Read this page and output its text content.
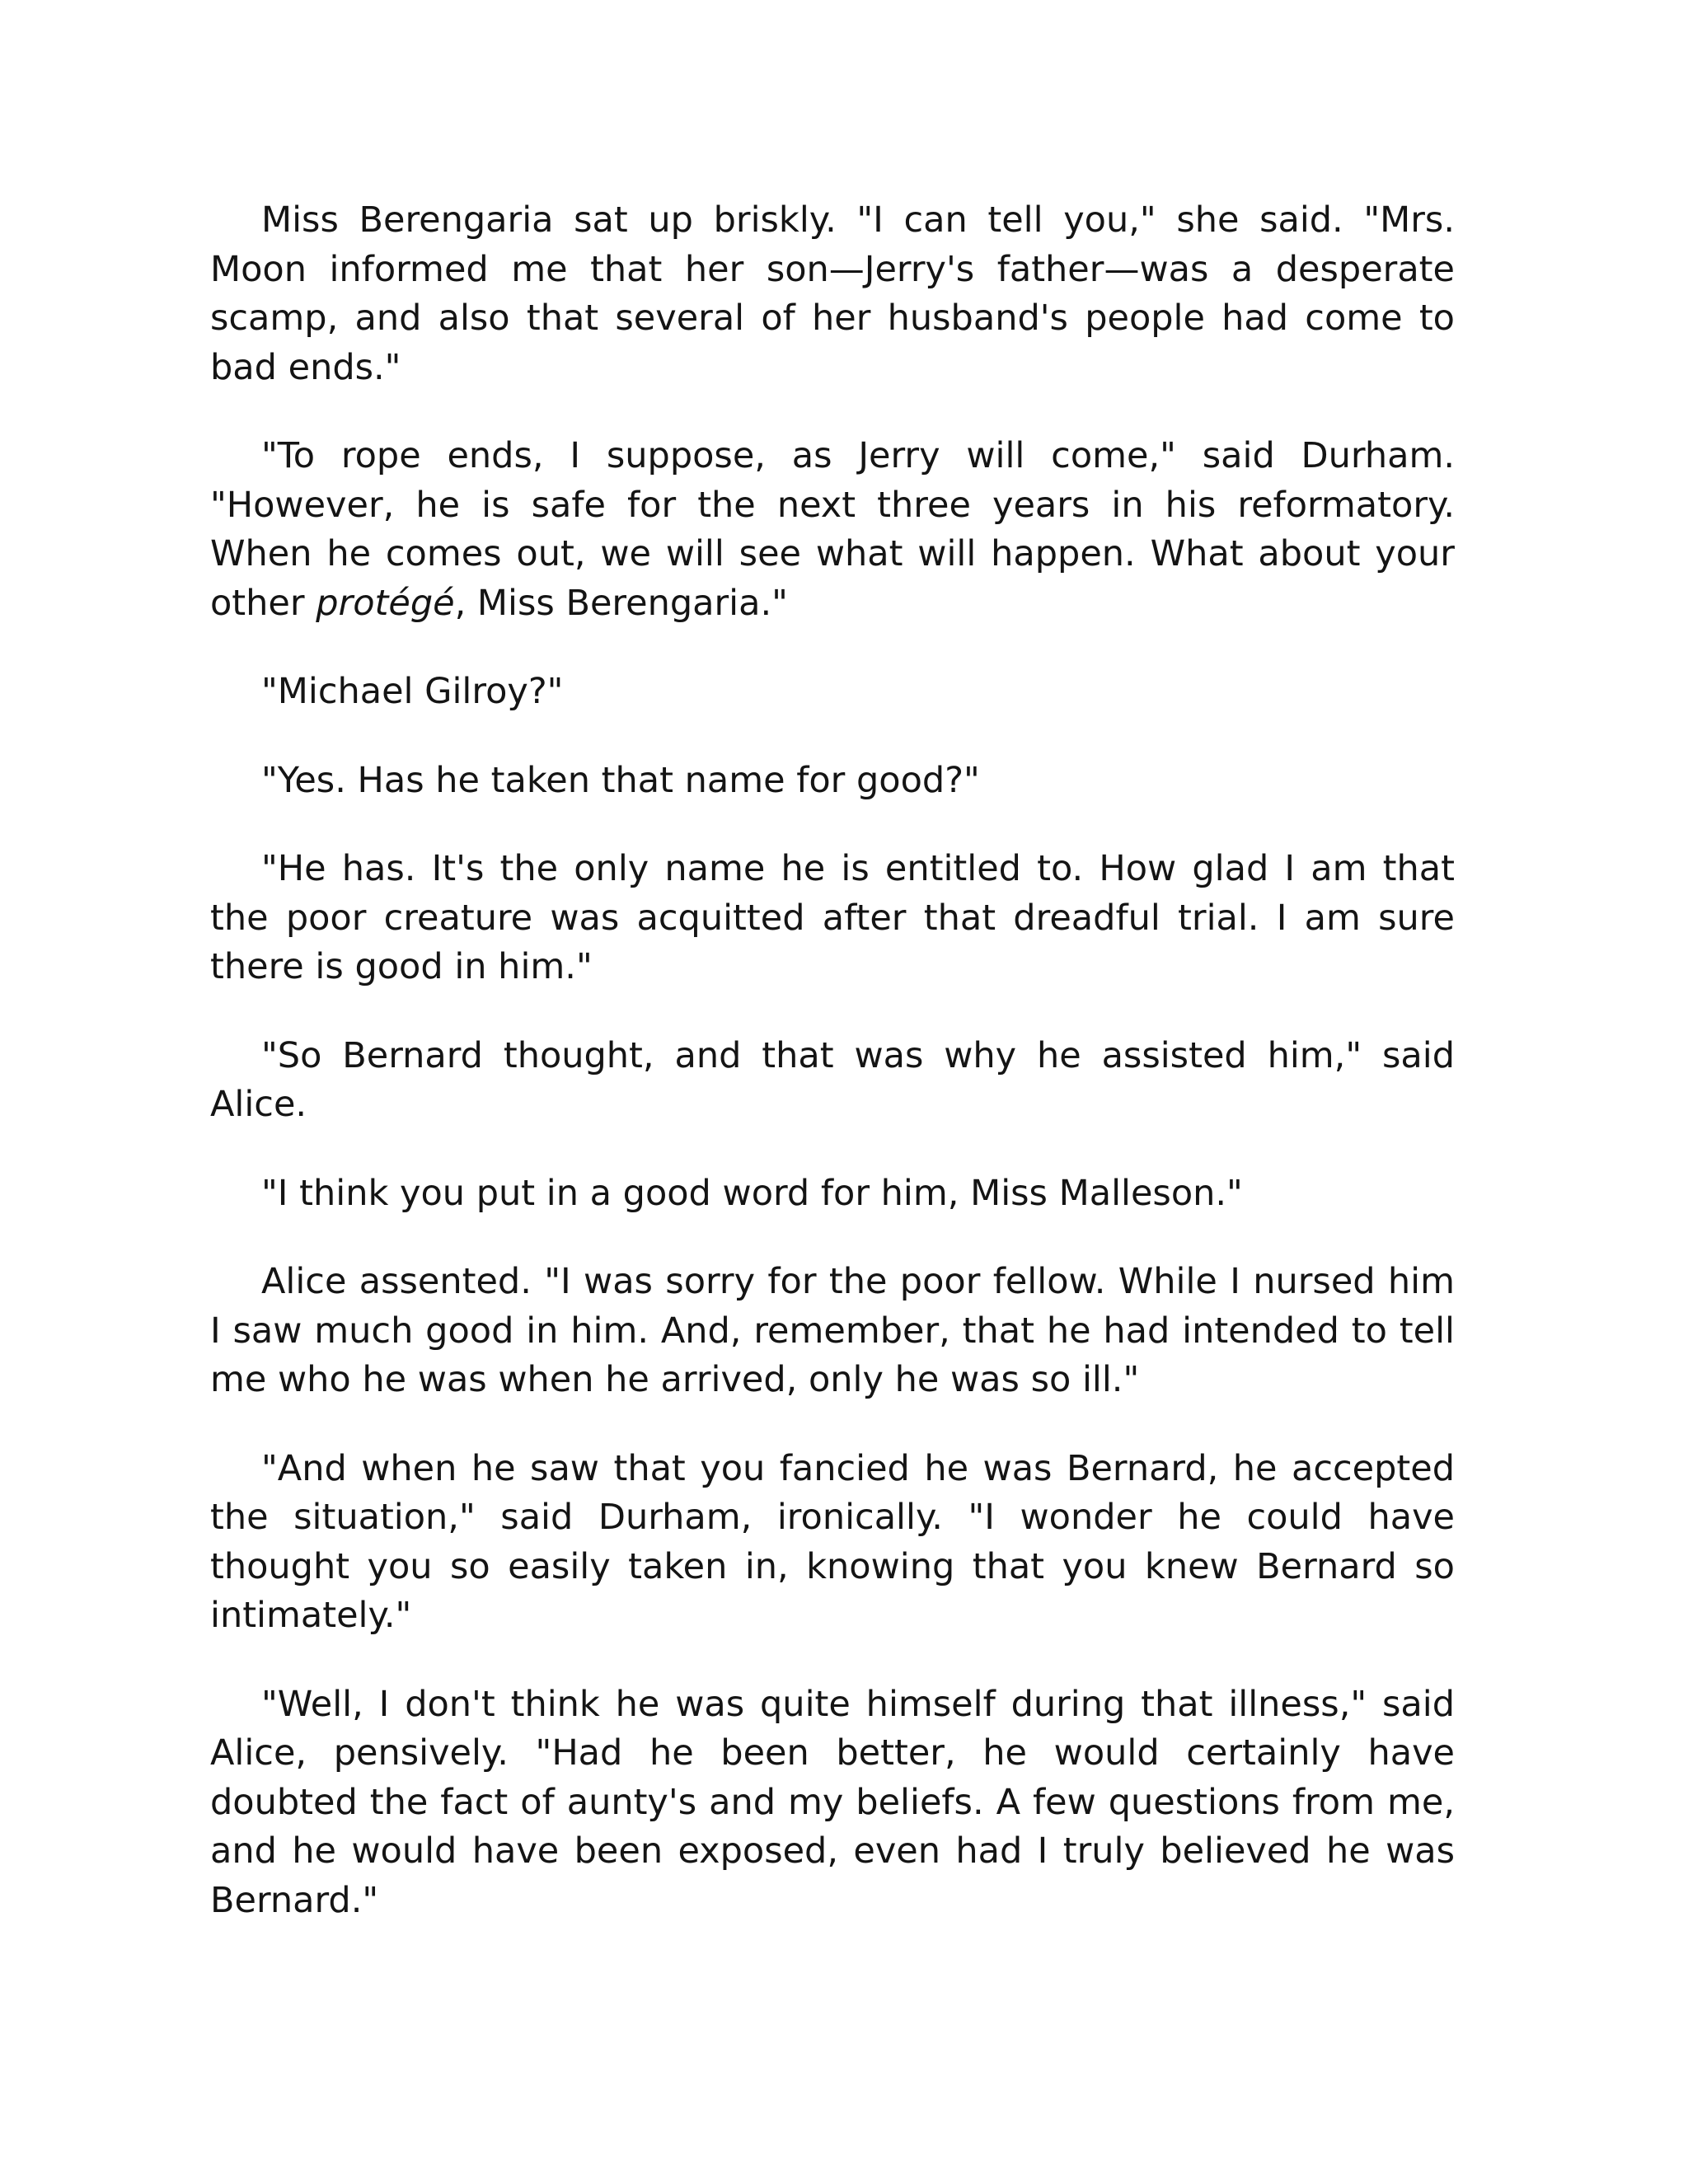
Miss Berengaria sat up briskly. "I can tell you," she said. "Mrs. Moon informed me that her son—Jerry's father—was a desperate scamp, and also that several of her husband's people had come to bad ends."

"To rope ends, I suppose, as Jerry will come," said Durham. "However, he is safe for the next three years in his reformatory. When he comes out, we will see what will happen. What about your other protégé, Miss Berengaria."

"Michael Gilroy?"

"Yes. Has he taken that name for good?"

"He has. It's the only name he is entitled to. How glad I am that the poor creature was acquitted after that dreadful trial. I am sure there is good in him."

"So Bernard thought, and that was why he assisted him," said Alice.

"I think you put in a good word for him, Miss Malleson."

Alice assented. "I was sorry for the poor fellow. While I nursed him I saw much good in him. And, remember, that he had intended to tell me who he was when he arrived, only he was so ill."

"And when he saw that you fancied he was Bernard, he accepted the situation," said Durham, ironically. "I wonder he could have thought you so easily taken in, knowing that you knew Bernard so intimately."

"Well, I don't think he was quite himself during that illness," said Alice, pensively. "Had he been better, he would certainly have doubted the fact of aunty's and my beliefs. A few questions from me, and he would have been exposed, even had I truly believed he was Bernard."
